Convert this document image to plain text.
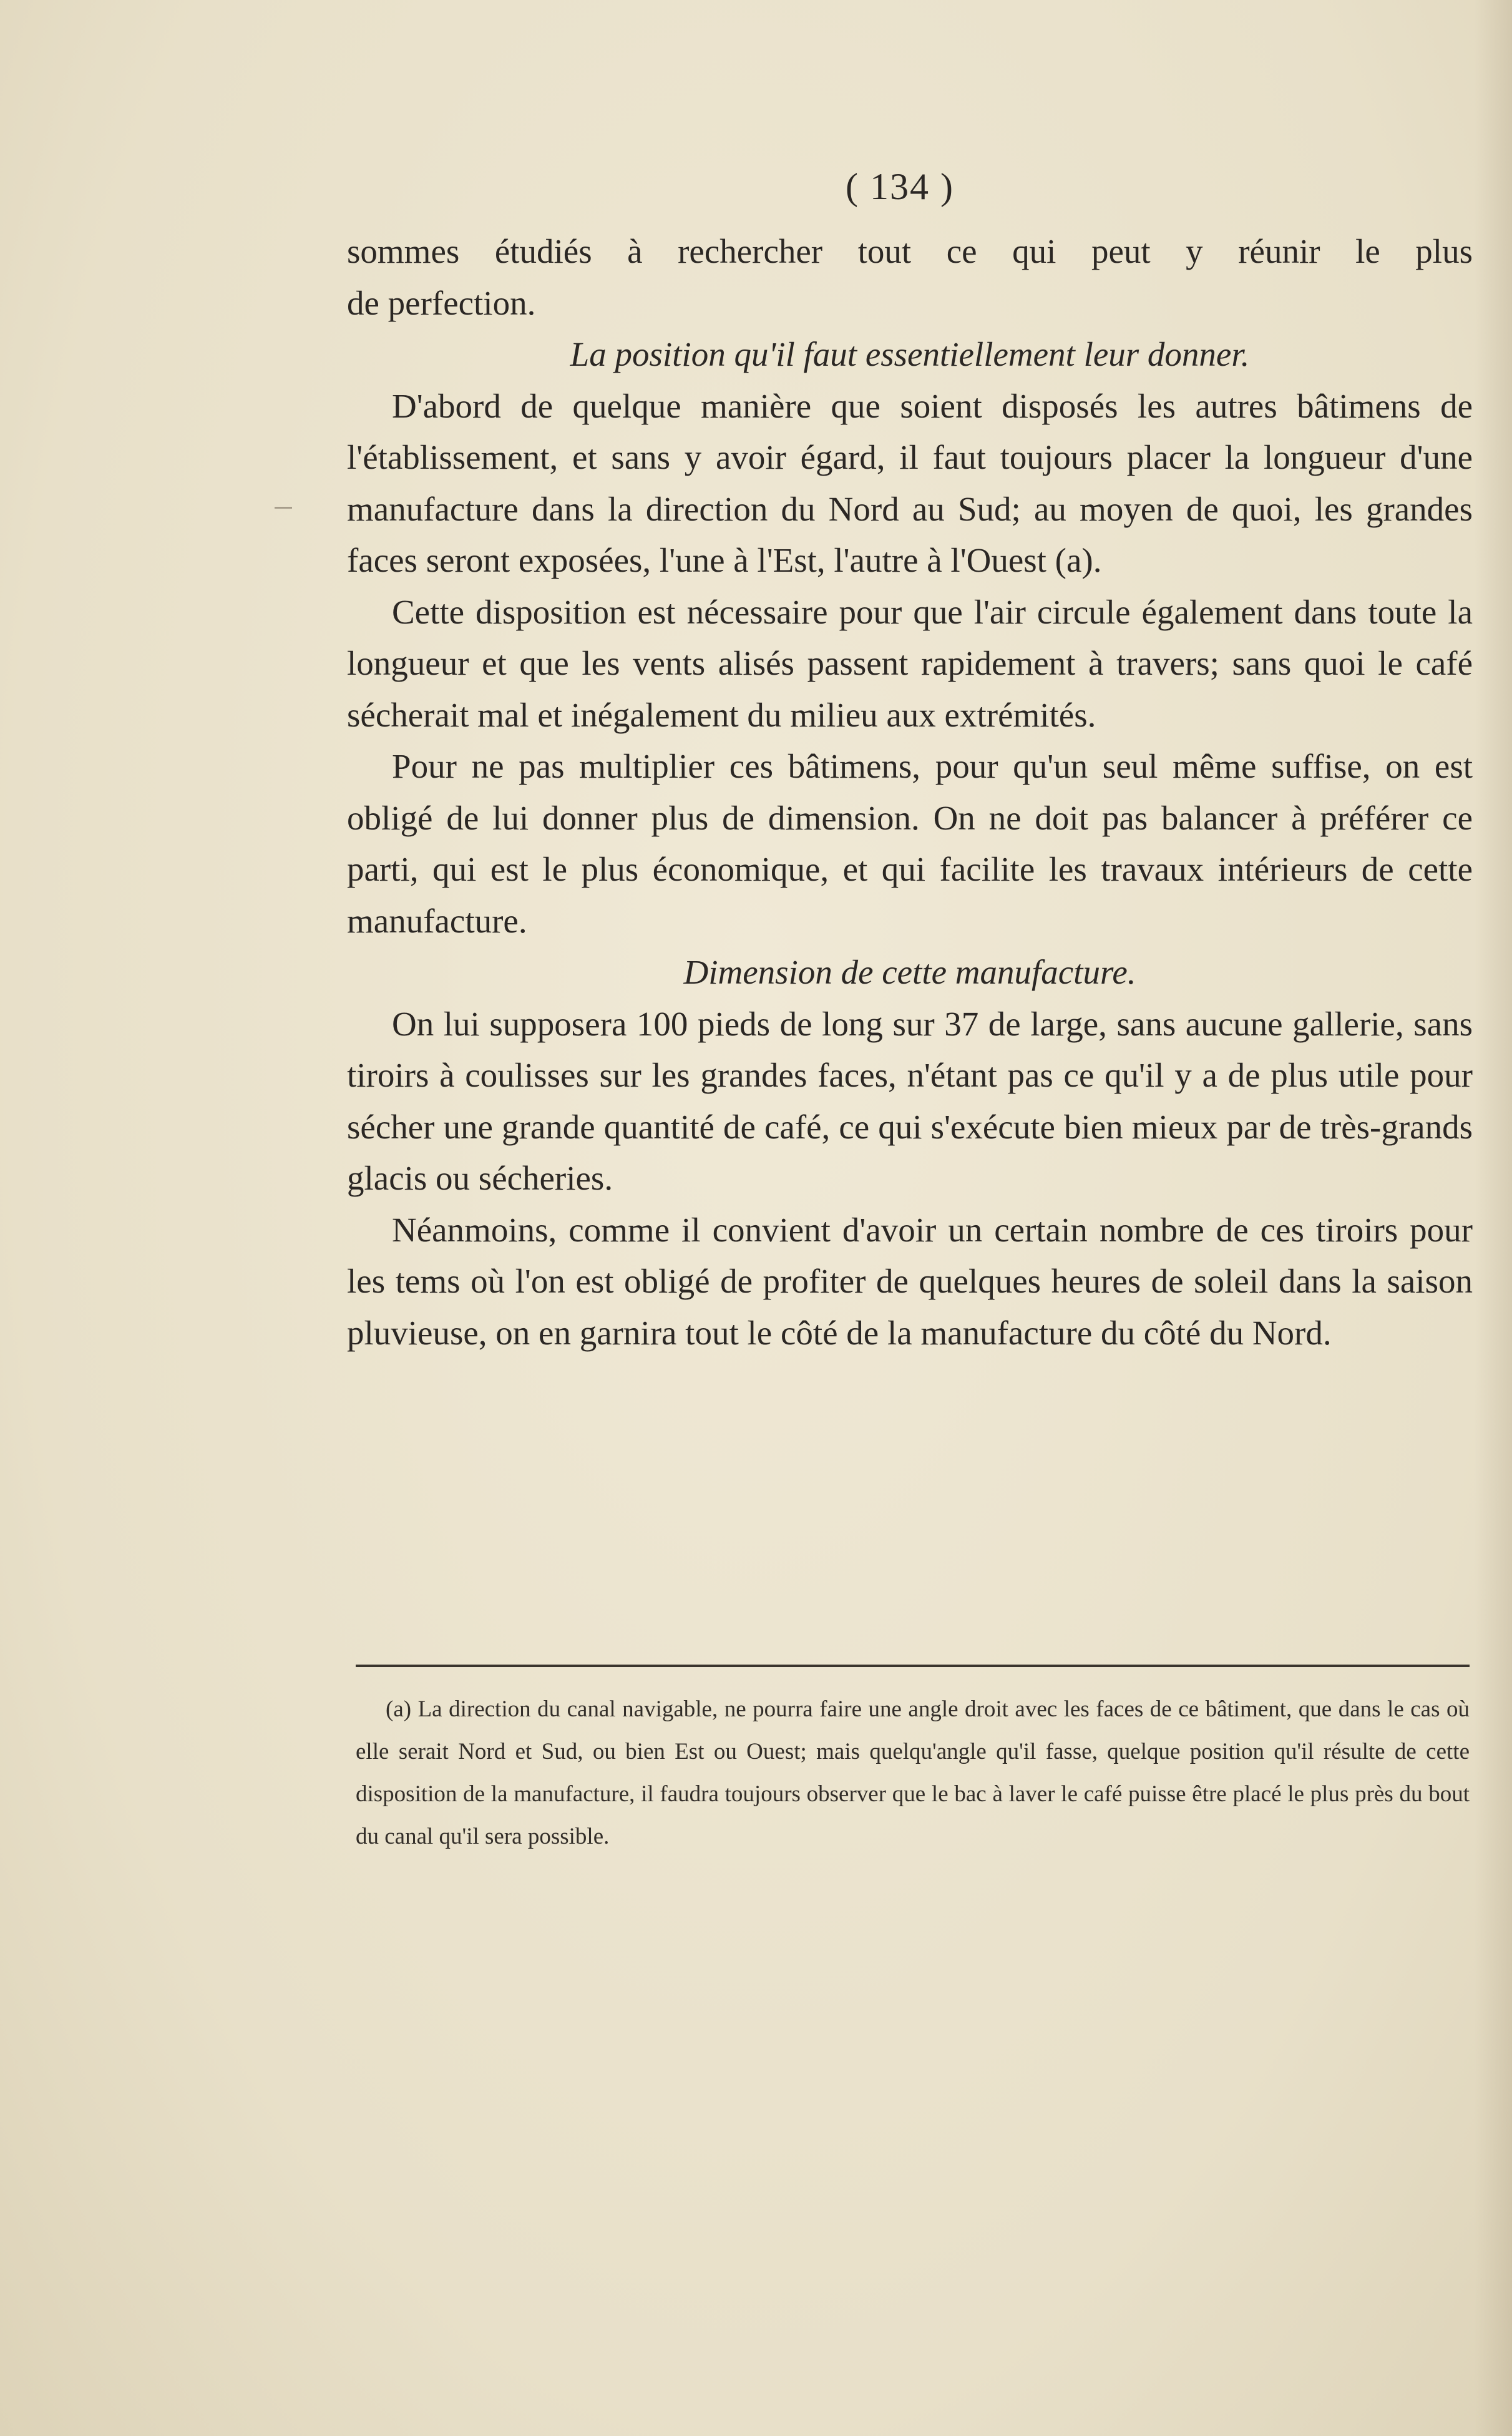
( 134 )

sommes étudiés à rechercher tout ce qui peut y réunir le plus

de perfection.

La position qu'il faut essentiellement leur donner.

D'abord de quelque manière que soient disposés les autres bâtimens de l'établissement, et sans y avoir égard, il faut toujours placer la longueur d'une manufacture dans la direction du Nord au Sud; au moyen de quoi, les grandes faces seront exposées, l'une à l'Est, l'autre à l'Ouest (a).

Cette disposition est nécessaire pour que l'air circule également dans toute la longueur et que les vents alisés passent rapidement à travers; sans quoi le café sécherait mal et inégalement du milieu aux extrémités.

Pour ne pas multiplier ces bâtimens, pour qu'un seul même suffise, on est obligé de lui donner plus de dimension. On ne doit pas balancer à préférer ce parti, qui est le plus économique, et qui facilite les travaux intérieurs de cette manufacture.

Dimension de cette manufacture.

On lui supposera 100 pieds de long sur 37 de large, sans aucune gallerie, sans tiroirs à coulisses sur les grandes faces, n'étant pas ce qu'il y a de plus utile pour sécher une grande quantité de café, ce qui s'exécute bien mieux par de très-grands glacis ou sécheries.

Néanmoins, comme il convient d'avoir un certain nombre de ces tiroirs pour les tems où l'on est obligé de profiter de quelques heures de soleil dans la saison pluvieuse, on en garnira tout le côté de la manufacture du côté du Nord.

(a) La direction du canal navigable, ne pourra faire une angle droit avec les faces de ce bâtiment, que dans le cas où elle serait Nord et Sud, ou bien Est ou Ouest; mais quelqu'angle qu'il fasse, quelque position qu'il résulte de cette disposition de la manufacture, il faudra toujours observer que le bac à laver le café puisse être placé le plus près du bout du canal qu'il sera possible.
